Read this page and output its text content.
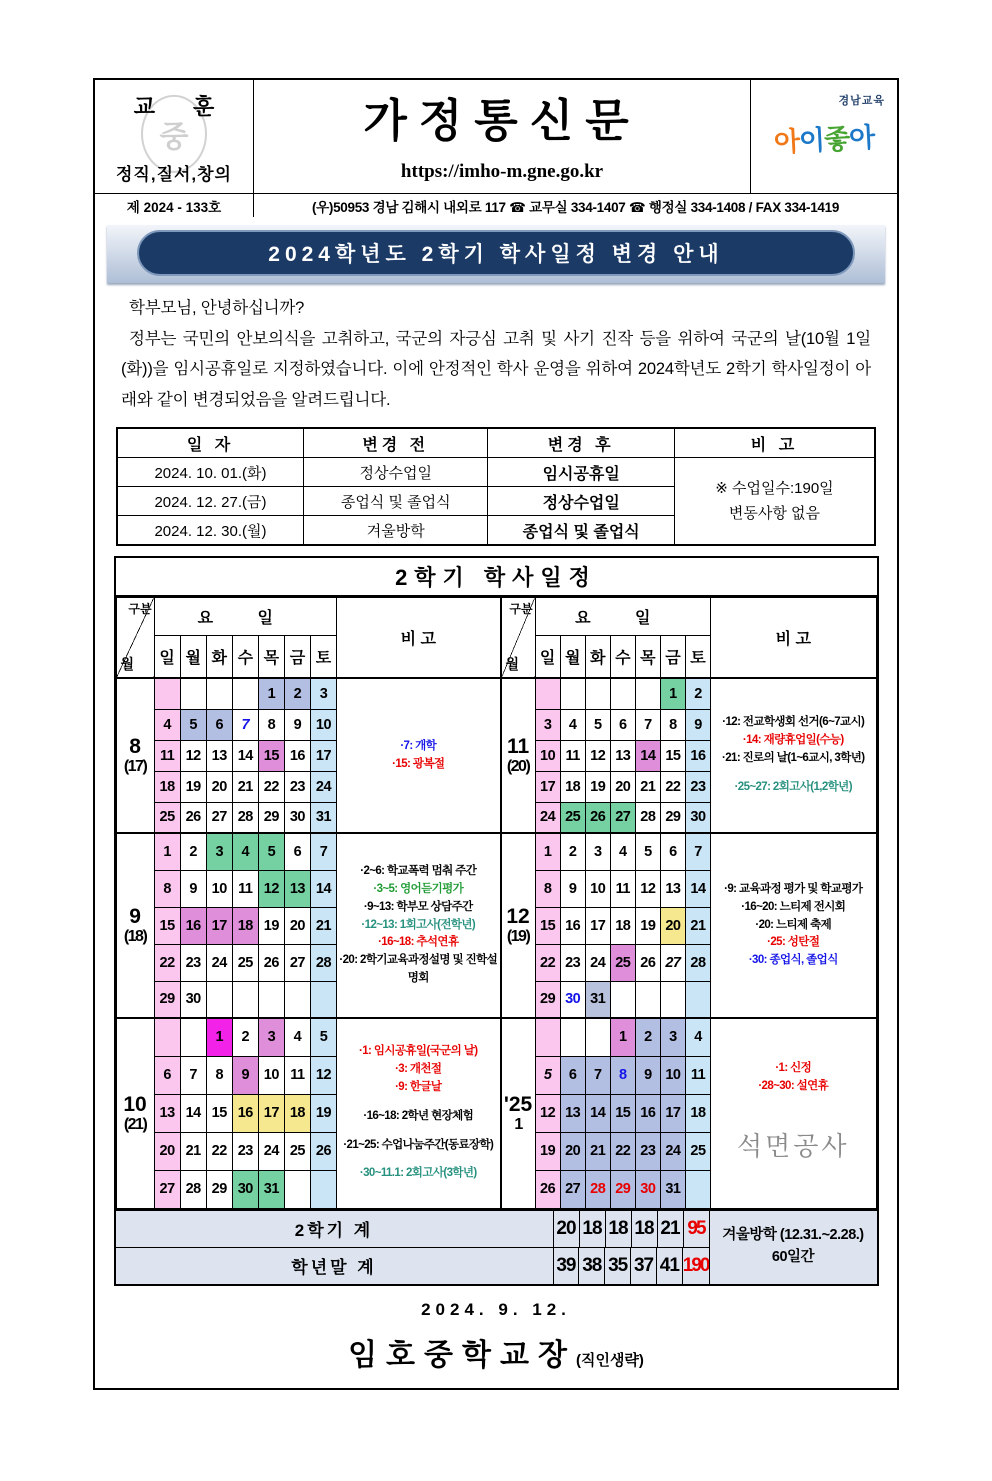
중
교 훈
정직,질서,창의
가정통신문
https://imho-m.gne.go.kr
경남교육
아이좋아
제 2024 - 133호	(우)50953 경남 김해시 내외로 117 ☎ 교무실 334-1407 ☎ 행정실 334-1408 / FAX 334-1419
2024학년도 2학기 학사일정 변경 안내

학부모님, 안녕하십니까?

정부는 국민의 안보의식을 고취하고, 국군의 자긍심 고취 및 사기 진작 등을 위하여 국군의 날(10월 1일(화))을 임시공휴일로 지정하였습니다. 이에 안정적인 학사 운영을 위하여 2024학년도 2학기 학사일정이 아래와 같이 변경되었음을 알려드립니다.

일 자	변경 전	변경 후	비 고
2024. 10. 01.(화)	정상수업일	임시공휴일	※ 수업일수:190일
변동사항 없음

2024. 12. 27.(금)	종업식 및 졸업식	정상수업일	
2024. 12. 30.(월)	겨울방학	종업식 및 졸업식	
2학기 학사일정
구분
월	요 일							비 고
	일	월	화	수	목	금	토	

8
(17)
					1	2	3	
·7: 개학
·15: 광복절

	4	5	6	7	8	9	10	
	11	12	13	14	15	16	17	
	18	19	20	21	22	23	24	
	25	26	27	28	29	30	31	

9
(18)
	1	2	3	4	5	6	7	
·2~6: 학교폭력 멈춰 주간
·3~5: 영어듣기평가
·9~13: 학부모 상담주간
·12~13: 1회고사(전학년)
·16~18: 추석연휴
·20: 2학기교육과정설명 및 진학설명회

	8	9	10	11	12	13	14	
	15	16	17	18	19	20	21	
	22	23	24	25	26	27	28	
	29	30						

10
(21)
			1	2	3	4	5	
·1: 임시공휴일(국군의 날)
·3: 개천절
·9: 한글날
·16~18: 2학년 현장체험
·21~25: 수업나눔주간(동료장학)
·30~11.1: 2회고사(3학년)

	6	7	8	9	10	11	12	
	13	14	15	16	17	18	19	
	20	21	22	23	24	25	26	
	27	28	29	30	31			
구분
월	요 일							비 고
	일	월	화	수	목	금	토	

11
(20)
						1	2	
·12: 전교학생회 선거(6~7교시)
·14: 재량휴업일(수능)
·21: 진로의 날(1~6교시, 3학년)
·25~27: 2회고사(1,2학년)

	3	4	5	6	7	8	9	
	10	11	12	13	14	15	16	
	17	18	19	20	21	22	23	
	24	25	26	27	28	29	30	

12
(19)
	1	2	3	4	5	6	7	
·9: 교육과정 평가 및 학교평가
·16~20: 느티제 전시회
·20: 느티제 축제
·25: 성탄절
·30: 종업식, 졸업식

	8	9	10	11	12	13	14	
	15	16	17	18	19	20	21	
	22	23	24	25	26	27	28	
	29	30	31					

'25
1
				1	2	3	4	
·1: 신정
·28~30: 설연휴
석면공사

	5	6	7	8	9	10	11	
	12	13	14	15	16	17	18	
	19	20	21	22	23	24	25	
	26	27	28	29	30	31		
2학기 계	20 18 18 18 21 95
학년말 계	39 38 35 37 41 190
겨울방학 (12.31.~2.28.)
60일간
2024. 9. 12.
임호중학교장(직인생략)
